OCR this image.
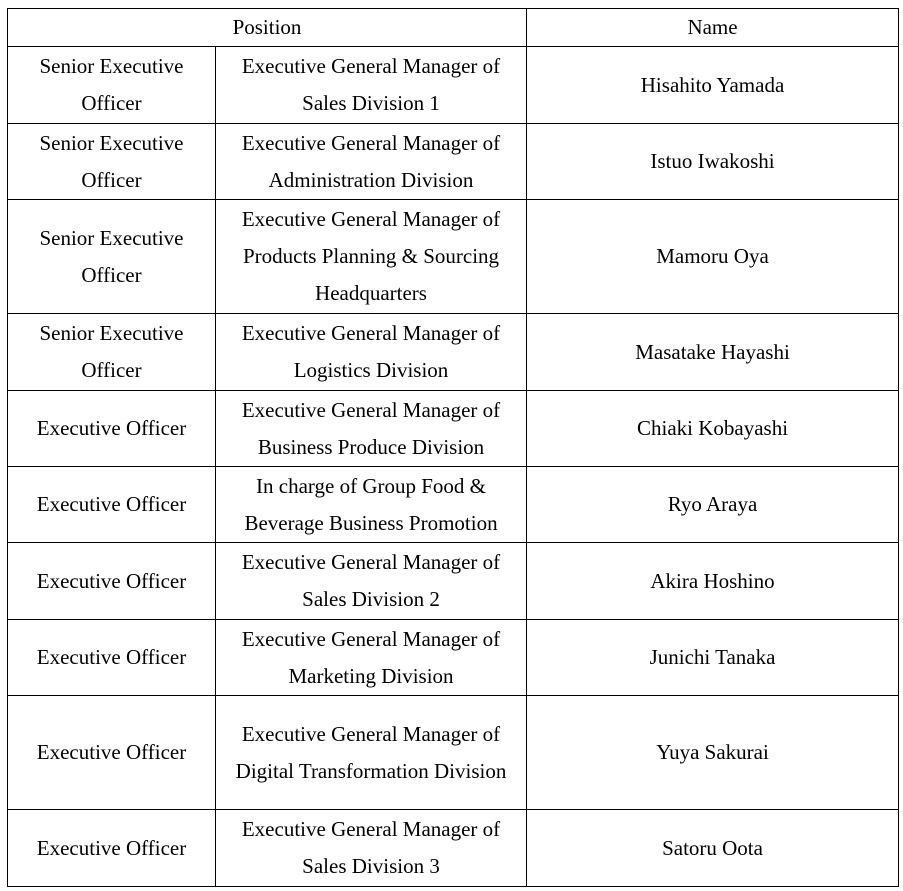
Position		Name
Senior Executive Officer	Executive General Manager of Sales Division 1	Hisahito Yamada
Senior Executive Officer	Executive General Manager of Administration Division	Istuo Iwakoshi
Senior Executive Officer	Executive General Manager of Products Planning & Sourcing Headquarters	Mamoru Oya
Senior Executive Officer	Executive General Manager of Logistics Division	Masatake Hayashi
Executive Officer	Executive General Manager of Business Produce Division	Chiaki Kobayashi
Executive Officer	In charge of Group Food & Beverage Business Promotion	Ryo Araya
Executive Officer	Executive General Manager of Sales Division 2	Akira Hoshino
Executive Officer	Executive General Manager of Marketing Division	Junichi Tanaka
Executive Officer	Executive General Manager of Digital Transformation Division	Yuya Sakurai
Executive Officer	Executive General Manager of Sales Division 3	Satoru Oota
